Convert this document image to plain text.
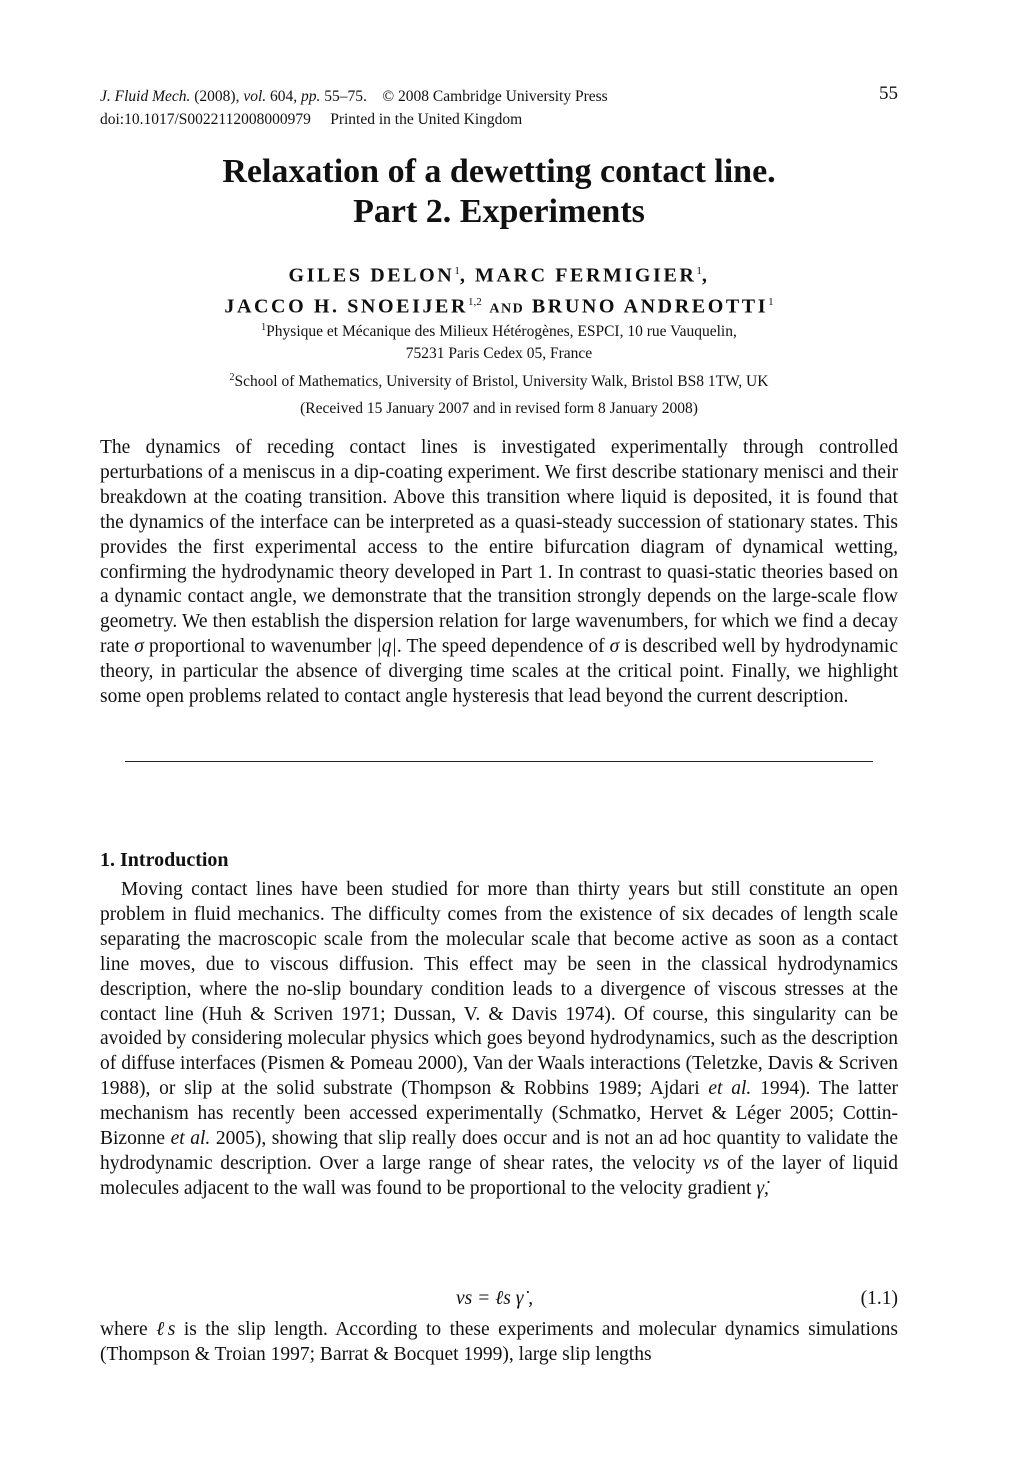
J. Fluid Mech. (2008), vol. 604, pp. 55–75. © 2008 Cambridge University Press
doi:10.1017/S0022112008000979 Printed in the United Kingdom
55
Relaxation of a dewetting contact line.
Part 2. Experiments
GILES DELON$^1$, MARC FERMIGIER$^1$,
JACCO H. SNOEIJER$^{1,2}$ AND BRUNO ANDREOTTI$^1$
$^1$Physique et Mécanique des Milieux Hétérogènes, ESPCI, 10 rue Vauquelin,
75231 Paris Cedex 05, France
$^2$School of Mathematics, University of Bristol, University Walk, Bristol BS8 1TW, UK
(Received 15 January 2007 and in revised form 8 January 2008)

The dynamics of receding contact lines is investigated experimentally through controlled perturbations of a meniscus in a dip-coating experiment. We first describe stationary menisci and their breakdown at the coating transition. Above this transition where liquid is deposited, it is found that the dynamics of the interface can be interpreted as a quasi-steady succession of stationary states. This provides the first experimental access to the entire bifurcation diagram of dynamical wetting, confirming the hydrodynamic theory developed in Part 1. In contrast to quasi-static theories based on a dynamic contact angle, we demonstrate that the transition strongly depends on the large-scale flow geometry. We then establish the dispersion relation for large wavenumbers, for which we find a decay rate σ proportional to wavenumber |q|. The speed dependence of σ is described well by hydrodynamic theory, in particular the absence of diverging time scales at the critical point. Finally, we highlight some open problems related to contact angle hysteresis that lead beyond the current description.

1. Introduction

Moving contact lines have been studied for more than thirty years but still constitute an open problem in fluid mechanics. The difficulty comes from the existence of six decades of length scale separating the macroscopic scale from the molecular scale that become active as soon as a contact line moves, due to viscous diffusion. This effect may be seen in the classical hydrodynamics description, where the no-slip boundary condition leads to a divergence of viscous stresses at the contact line (Huh & Scriven 1971; Dussan, V. & Davis 1974). Of course, this singularity can be avoided by considering molecular physics which goes beyond hydrodynamics, such as the description of diffuse interfaces (Pismen & Pomeau 2000), Van der Waals interactions (Teletzke, Davis & Scriven 1988), or slip at the solid substrate (Thompson & Robbins 1989; Ajdari et al. 1994). The latter mechanism has recently been accessed experimentally (Schmatko, Hervet & Léger 2005; Cottin-Bizonne et al. 2005), showing that slip really does occur and is not an ad hoc quantity to validate the hydrodynamic description. Over a large range of shear rates, the velocity vs of the layer of liquid molecules adjacent to the wall was found to be proportional to the velocity gradient γ̇,

vs = ℓs γ̇ ,	(1.1)

where ℓs is the slip length. According to these experiments and molecular dynamics simulations (Thompson & Troian 1997; Barrat & Bocquet 1999), large slip lengths
